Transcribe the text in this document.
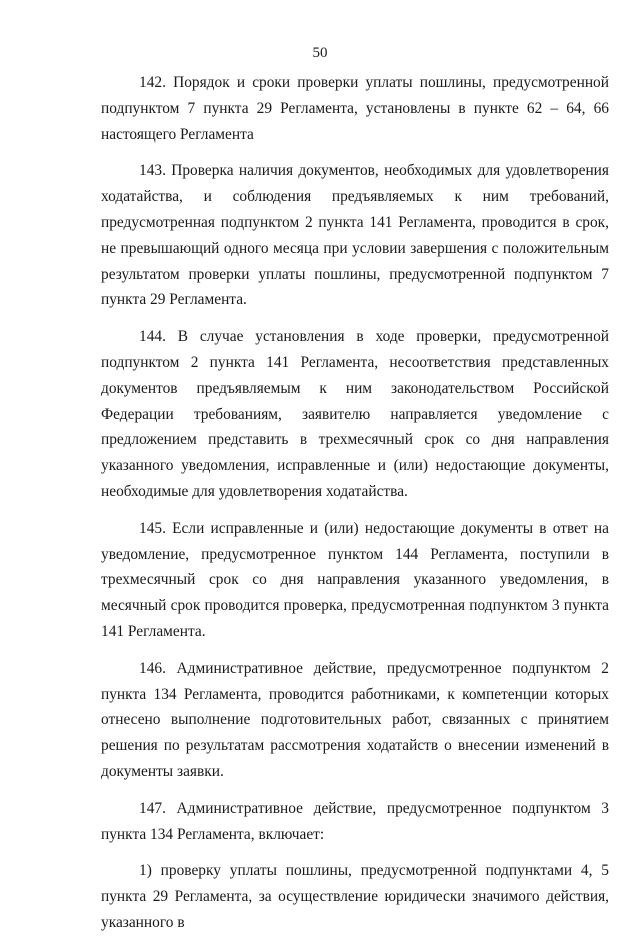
50

142. Порядок и сроки проверки уплаты пошлины, предусмотренной подпунктом 7 пункта 29 Регламента, установлены в пункте 62 – 64, 66 настоящего Регламента

143. Проверка наличия документов, необходимых для удовлетворения ходатайства, и соблюдения предъявляемых к ним требований, предусмотренная подпунктом 2 пункта 141 Регламента, проводится в срок, не превышающий одного месяца при условии завершения с положительным результатом проверки уплаты пошлины, предусмотренной подпунктом 7 пункта 29 Регламента.

144. В случае установления в ходе проверки, предусмотренной подпунктом 2 пункта 141 Регламента, несоответствия представленных документов предъявляемым к ним законодательством Российской Федерации требованиям, заявителю направляется уведомление с предложением представить в трехмесячный срок со дня направления указанного уведомления, исправленные и (или) недостающие документы, необходимые для удовлетворения ходатайства.

145. Если исправленные и (или) недостающие документы в ответ на уведомление, предусмотренное пунктом 144 Регламента, поступили в трехмесячный срок со дня направления указанного уведомления, в месячный срок проводится проверка, предусмотренная подпунктом 3 пункта 141 Регламента.

146. Административное действие, предусмотренное подпунктом 2 пункта 134 Регламента, проводится работниками, к компетенции которых отнесено выполнение подготовительных работ, связанных с принятием решения по результатам рассмотрения ходатайств о внесении изменений в документы заявки.

147. Административное действие, предусмотренное подпунктом 3 пункта 134 Регламента, включает:

1) проверку уплаты пошлины, предусмотренной подпунктами 4, 5 пункта 29 Регламента, за осуществление юридически значимого действия, указанного в
